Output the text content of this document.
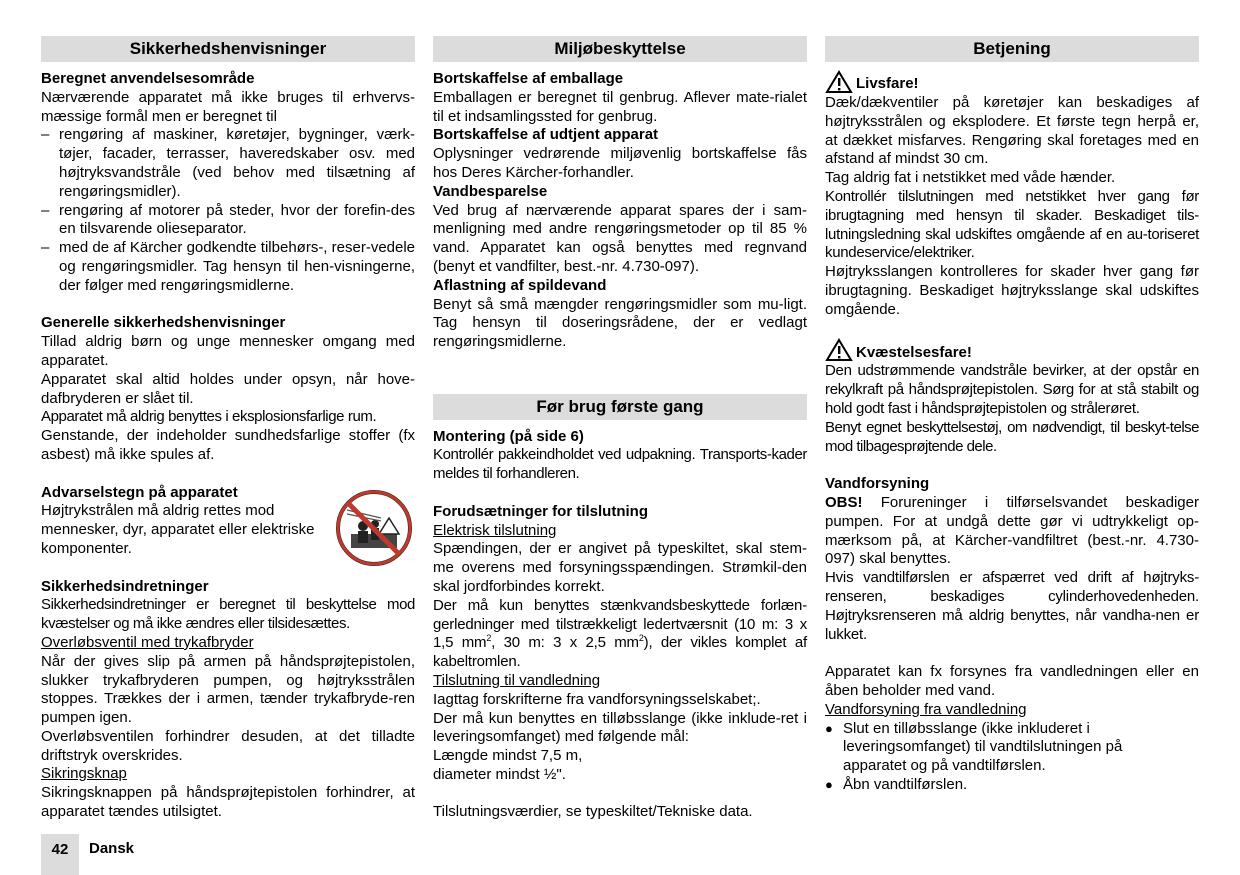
Sikkerhedshenvisninger

Beregnet anvendelsesområde

Nærværende apparatet må ikke bruges til erhvervs-mæssige formål men er beregnet til

– rengøring af maskiner, køretøjer, bygninger, værk-tøjer, facader, terrasser, haveredskaber osv. med højtryksvandstråle (ved behov med tilsætning af rengøringsmidler).
– rengøring af motorer på steder, hvor der forefin-des en tilsvarende olieseparator.
– med de af Kärcher godkendte tilbehørs-, reser-vedele og rengøringsmidler. Tag hensyn til hen-visningerne, der følger med rengøringsmidlerne.

Generelle sikkerhedshenvisninger

Tillad aldrig børn og unge mennesker omgang med apparatet.

Apparatet skal altid holdes under opsyn, når hove-dafbryderen er slået til.

Apparatet må aldrig benyttes i eksplosionsfarlige rum.

Genstande, der indeholder sundhedsfarlige stoffer (fx asbest) må ikke spules af.

Advarselstegn på apparatet

Højtrykstrålen må aldrig rettes mod mennesker, dyr, apparatet eller elektriske komponenter.

Sikkerhedsindretninger

Sikkerhedsindretninger er beregnet til beskyttelse mod kvæstelser og må ikke ændres eller tilsidesættes.

Overløbsventil med trykafbryder

Når der gives slip på armen på håndsprøjtepistolen, slukker trykafbryderen pumpen, og højtryksstrålen stoppes. Trækkes der i armen, tænder trykafbryde-ren pumpen igen.

Overløbsventilen forhindrer desuden, at det tilladte driftstryk overskrides.

Sikringsknap

Sikringsknappen på håndsprøjtepistolen forhindrer, at apparatet tændes utilsigtet.

Miljøbeskyttelse

Bortskaffelse af emballage

Emballagen er beregnet til genbrug. Aflever mate-rialet til et indsamlingssted for genbrug.

Bortskaffelse af udtjent apparat

Oplysninger vedrørende miljøvenlig bortskaffelse fås hos Deres Kärcher-forhandler.

Vandbesparelse

Ved brug af nærværende apparat spares der i sam-menligning med andre rengøringsmetoder op til 85 % vand. Apparatet kan også benyttes med regnvand (benyt et vandfilter, best.-nr. 4.730-097).

Aflastning af spildevand

Benyt så små mængder rengøringsmidler som mu-ligt. Tag hensyn til doseringsrådene, der er vedlagt rengøringsmidlerne.

Før brug første gang

Montering (på side 6)

Kontrollér pakkeindholdet ved udpakning. Transports-kader meldes til forhandleren.

Forudsætninger for tilslutning

Elektrisk tilslutning

Spændingen, der er angivet på typeskiltet, skal stem-me overens med forsyningsspændingen. Strømkil-den skal jordforbindes korrekt.

Der må kun benyttes stænkvandsbeskyttede forlæn-gerledninger med tilstrækkeligt ledertværsnit (10 m: 3 x 1,5 $mm^2$, 30 m: 3 x 2,5 $mm^2$), der vikles komplet af kabeltromlen.

Tilslutning til vandledning

Iagttag forskrifterne fra vandforsyningsselskabet;.

Der må kun benyttes en tilløbsslange (ikke inklude-ret i leveringsomfanget) med følgende mål:

Længde mindst 7,5 m,

diameter mindst ½".

Tilslutningsværdier, se typeskiltet/Tekniske data.

Betjening

Livsfare!

Dæk/dækventiler på køretøjer kan beskadiges af højtryksstrålen og eksplodere. Et første tegn herpå er, at dækket misfarves. Rengøring skal foretages med en afstand af mindst 30 cm.

Tag aldrig fat i netstikket med våde hænder.

Kontrollér tilslutningen med netstikket hver gang før ibrugtagning med hensyn til skader. Beskadiget tils-lutningsledning skal udskiftes omgående af en au-toriseret kundeservice/elektriker.

Højtryksslangen kontrolleres for skader hver gang før ibrugtagning. Beskadiget højtryksslange skal udskiftes omgående.

Kvæstelsesfare!

Den udstrømmende vandstråle bevirker, at der opstår en rekylkraft på håndsprøjtepistolen. Sørg for at stå stabilt og hold godt fast i håndsprøjtepistolen og strålerøret.

Benyt egnet beskyttelsestøj, om nødvendigt, til beskyt-telse mod tilbagesprøjtende dele.

Vandforsyning

OBS! Forureninger i tilførselsvandet beskadiger pumpen. For at undgå dette gør vi udtrykkeligt op-mærksom på, at Kärcher-vandfiltret (best.-nr. 4.730-097) skal benyttes.

Hvis vandtilførslen er afspærret ved drift af højtryks-renseren, beskadiges cylinderhovedenheden. Højtryksrenseren må aldrig benyttes, når vandha-nen er lukket.

Apparatet kan fx forsynes fra vandledningen eller en åben beholder med vand.

Vandforsyning fra vandledning

● Slut en tilløbsslange (ikke inkluderet i leveringsomfanget) til vandtilslutningen på apparatet og på vandtilførslen.
● Åbn vandtilførslen.
42	Dansk
